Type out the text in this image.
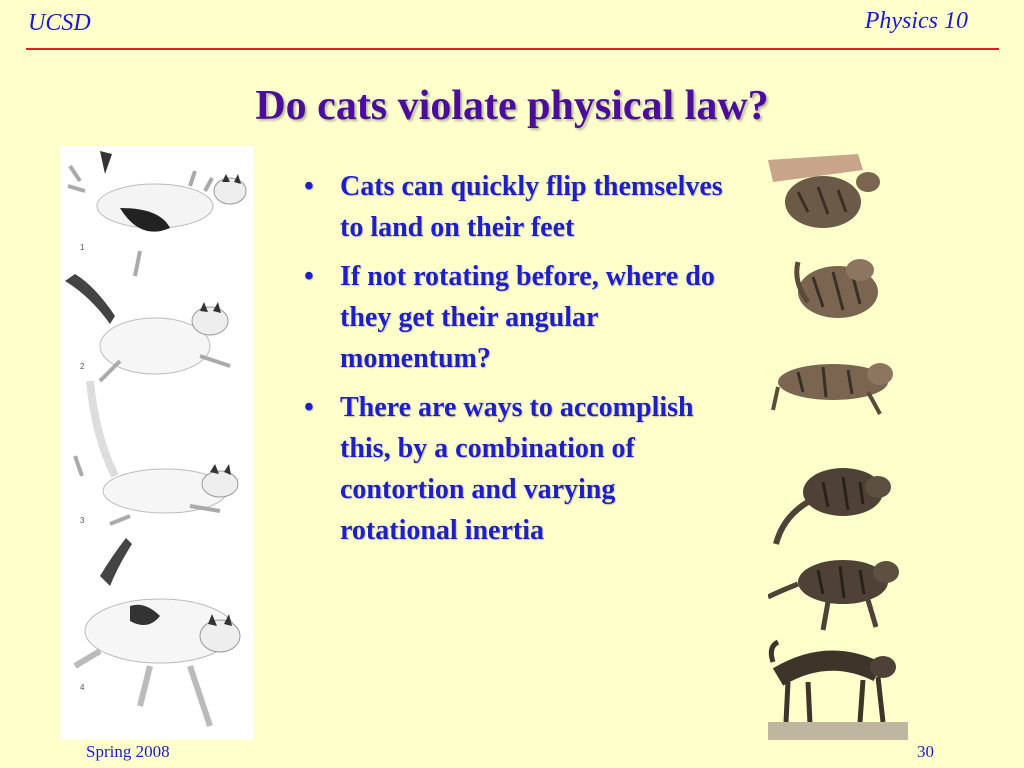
UCSD	Physics 10
Do cats violate physical law?
1
2
3
4
• Cats can quickly flip themselves to land on their feet
• If not rotating before, where do they get their angular momentum?
• There are ways to accomplish this, by a combination of contortion and varying rotational inertia
Spring 2008	30
